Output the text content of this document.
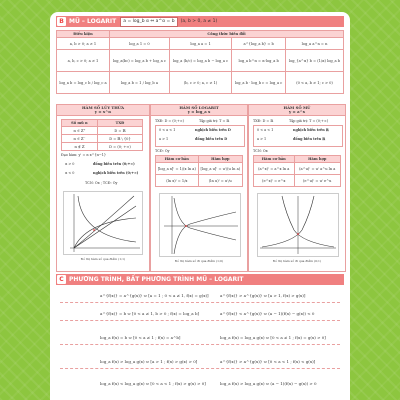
B MŨ – LOGARIT	a = log_b α ⇔ a^α = b	(a, b > 0, a ≠ 1)
Điều kiện	Công thức biến đổi			
a, b > 0; a ≠ 1	log_a 1 = 0	log_a a = 1	a^{log_a b} = b	log_a a^n = n
a, b, c > 0; a ≠ 1	log_a(bc) = log_a b + log_a c	log_a (b/c) = log_a b − log_a c	log_a b^α = α·log_a b	log_{a^α} b = (1/α) log_a b
log_a b = log_c b / log_c a	log_a b = 1 / log_b a	(b, c > 0; a, c ≠ 1)	log_a b · log_b c = log_a c	(0 < a, b ≠ 1; c > 0)
HÀM SỐ LŨY THỪA
y = x^α
Số mũ α	TXĐ
α ∈ ℤ⁺	D = ℝ
α ∈ ℤ⁻	D = ℝ \ {0}
α ∉ ℤ	D = (0; +∞)
Đạo hàm: y' = α x^{α−1}
α > 0	đồng biến trên (0;+∞)
α < 0	nghịch biến trên (0;+∞)
TCN: Ox ; TCĐ: Oy
Đồ thị hàm số qua điểm (1;1)
HÀM SỐ LOGARIT
y = log_a x
TXĐ: D = (0;+∞)	Tập giá trị: T = ℝ
0 < a < 1	nghịch biến trên D
a > 1	đồng biến trên D
TCĐ: Oy
Hàm cơ bản	Hàm hợp
[log_a x]' = 1/(x ln a)	[log_a u]' = u'/(u ln a)
(ln x)' = 1/x	(ln u)' = u'/u
Đồ thị hàm số đi qua điểm (1;0)
HÀM SỐ MŨ
y = a^x
TXĐ: D = ℝ	Tập giá trị: T = (0;+∞)
0 < a < 1	nghịch biến trên ℝ
a > 1	đồng biến trên ℝ
TCN: Ox
Hàm cơ bản	Hàm hợp
(a^x)' = a^x ln a	(a^u)' = u' a^u ln a
(e^x)' = e^x	(e^u)' = u' e^u
Đồ thị hàm số đi qua điểm (0;1)
C PHƯƠNG TRÌNH, BẤT PHƯƠNG TRÌNH MŨ – LOGARIT
a^{f(x)} = a^{g(x)} ⇔ [a = 1 ; 0 < a ≠ 1, f(x) = g(x)]	a^{f(x)} > a^{g(x)} ⇔ [a > 1, f(x) > g(x)]
a^{f(x)} = b ⇔ [0 < a ≠ 1, b > 0 ; f(x) = log_a b]	a^{f(x)} < a^{g(x)} ⇔ (a − 1)(f(x) − g(x)) < 0
log_a f(x) = b ⇔ [0 < a ≠ 1 ; f(x) = a^b]	log_a f(x) = log_a g(x) ⇔ [0 < a ≠ 1 ; f(x) = g(x) > 0]
log_a f(x) > log_a g(x) ⇔ [a > 1 ; f(x) > g(x) > 0]	a^{f(x)} > a^{g(x)} ⇔ [0 < a < 1 ; f(x) < g(x)]
log_a f(x) < log_a g(x) ⇔ [0 < a < 1 ; f(x) > g(x) > 0]	log_a f(x) > log_a g(x) ⇔ (a − 1)(f(x) − g(x)) > 0
